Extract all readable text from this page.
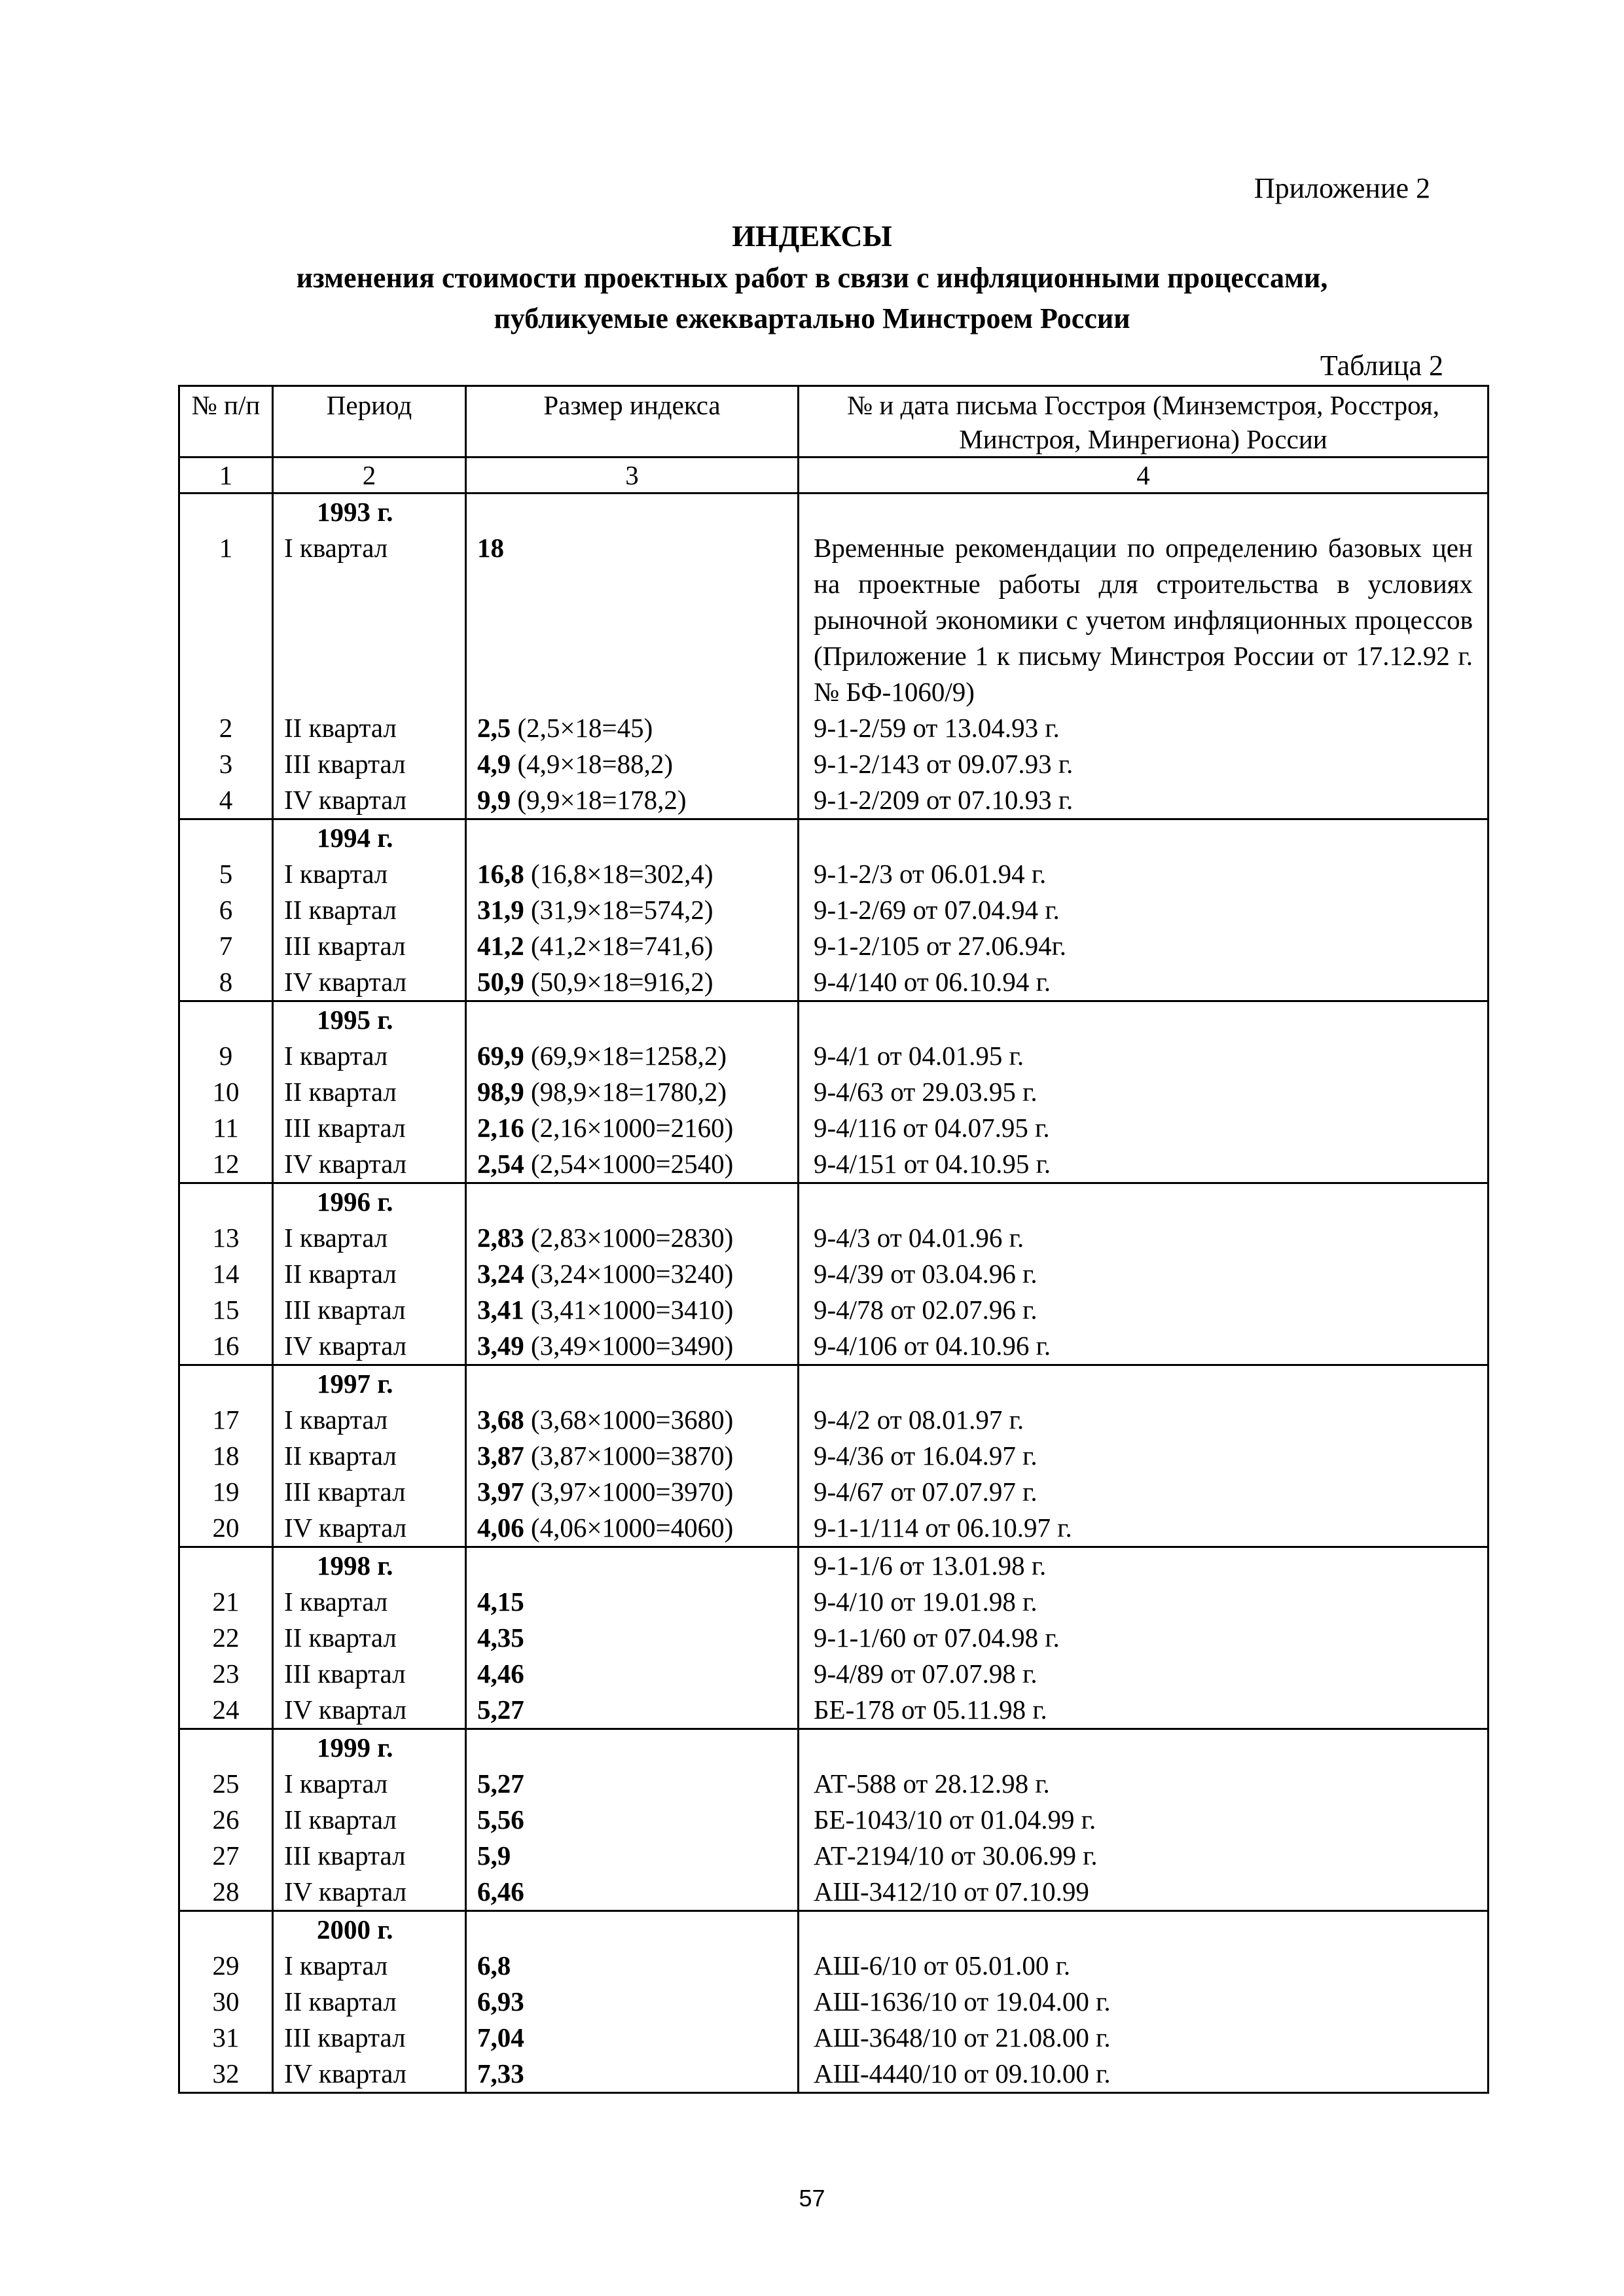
Приложение 2
ИНДЕКСЫ
изменения стоимости проектных работ в связи с инфляционными процессами,
публикуемые ежеквартально Минстроем России
Таблица 2
№ п/п	Период	Размер индекса	№ и дата письма Госстроя (Минземстроя, Росстроя, Минстроя, Минрегиона) России
1	2	3	4

	1993 г.		

1	I квартал	18	Временные рекомендации по определению базовых цен на проектные работы для строительства в условиях рыночной экономики с учетом инфляционных процессов (Приложение 1 к письму Минстроя России от 17.12.92 г. № БФ-1060/9)

2	II квартал	2,5 (2,5×18=45)	9-1-2/59 от 13.04.93 г.

3	III квартал	4,9 (4,9×18=88,2)	9-1-2/143 от 09.07.93 г.

4	IV квартал	9,9 (9,9×18=178,2)	9-1-2/209 от 07.10.93 г.

	1994 г.		

5	I квартал	16,8 (16,8×18=302,4)	9-1-2/3 от 06.01.94 г.

6	II квартал	31,9 (31,9×18=574,2)	9-1-2/69 от 07.04.94 г.

7	III квартал	41,2 (41,2×18=741,6)	9-1-2/105 от 27.06.94г.

8	IV квартал	50,9 (50,9×18=916,2)	9-4/140 от 06.10.94 г.

	1995 г.		

9	I квартал	69,9 (69,9×18=1258,2)	9-4/1 от 04.01.95 г.

10	II квартал	98,9 (98,9×18=1780,2)	9-4/63 от 29.03.95 г.

11	III квартал	2,16 (2,16×1000=2160)	9-4/116 от 04.07.95 г.

12	IV квартал	2,54 (2,54×1000=2540)	9-4/151 от 04.10.95 г.

	1996 г.		

13	I квартал	2,83 (2,83×1000=2830)	9-4/3 от 04.01.96 г.

14	II квартал	3,24 (3,24×1000=3240)	9-4/39 от 03.04.96 г.

15	III квартал	3,41 (3,41×1000=3410)	9-4/78 от 02.07.96 г.

16	IV квартал	3,49 (3,49×1000=3490)	9-4/106 от 04.10.96 г.

	1997 г.		

17	I квартал	3,68 (3,68×1000=3680)	9-4/2 от 08.01.97 г.

18	II квартал	3,87 (3,87×1000=3870)	9-4/36 от 16.04.97 г.

19	III квартал	3,97 (3,97×1000=3970)	9-4/67 от 07.07.97 г.

20	IV квартал	4,06 (4,06×1000=4060)	9-1-1/114 от 06.10.97 г.

	1998 г.		9-1-1/6 от 13.01.98 г.
21	I квартал	4,15	9-4/10 от 19.01.98 г.

22	II квартал	4,35	9-1-1/60 от 07.04.98 г.

23	III квартал	4,46	9-4/89 от 07.07.98 г.

24	IV квартал	5,27	БЕ-178 от 05.11.98 г.

	1999 г.		

25	I квартал	5,27	АТ-588 от 28.12.98 г.

26	II квартал	5,56	БЕ-1043/10 от 01.04.99 г.

27	III квартал	5,9	АТ-2194/10 от 30.06.99 г.

28	IV квартал	6,46	АШ-3412/10 от 07.10.99

	2000 г.		

29	I квартал	6,8	АШ-6/10 от 05.01.00 г.

30	II квартал	6,93	АШ-1636/10 от 19.04.00 г.

31	III квартал	7,04	АШ-3648/10 от 21.08.00 г.

32	IV квартал	7,33	АШ-4440/10 от 09.10.00 г.
57
